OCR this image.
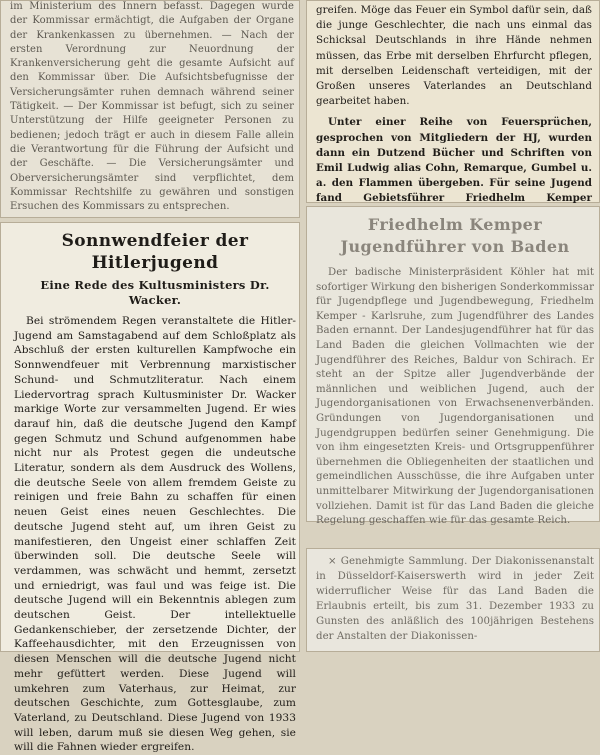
im Ministerium des Innern befasst. Dagegen wurde der Kommissar ermächtigt, die Aufgaben der Organe der Krankenkassen zu übernehmen. — Nach der ersten Verordnung zur Neuordnung der Krankenversicherung geht die gesamte Aufsicht auf den Kommissar über. Die Aufsichtsbefugnisse der Versicherungsämter ruhen demnach während seiner Tätigkeit. — Der Kommissar ist befugt, sich zu seiner Unterstützung der Hilfe geeigneter Personen zu bedienen; jedoch trägt er auch in diesem Falle allein die Verantwortung für die Führung der Aufsicht und der Geschäfte. — Die Versicherungsämter und Oberversicherungsämter sind verpflichtet, dem Kommissar Rechtshilfe zu gewähren und sonstigen Ersuchen des Kommissars zu entsprechen.

greifen. Möge das Feuer ein Symbol dafür sein, daß die junge Geschlechter, die nach uns einmal das Schicksal Deutschlands in ihre Hände nehmen müssen, das Erbe mit derselben Ehrfurcht pflegen, mit derselben Leidenschaft verteidigen, mit der Großen unseres Vaterlandes an Deutschland gearbeitet haben.

Unter einer Reihe von Feuersprüchen, gesprochen von Mitgliedern der HJ, wurden dann ein Dutzend Bücher und Schriften von Emil Ludwig alias Cohn, Remarque, Gumbel u. a. den Flammen übergeben. Für seine Jugend fand Gebietsführer Friedhelm Kemper

Sonnwendfeier der Hitlerjugend
Eine Rede des Kultusministers Dr. Wacker.

Bei strömendem Regen veranstaltete die Hitler-Jugend am Samstagabend auf dem Schloßplatz als Abschluß der ersten kulturellen Kampfwoche ein Sonnwendfeuer mit Verbrennung marxistischer Schund- und Schmutzliteratur. Nach einem Liedervortrag sprach Kultusminister Dr. Wacker markige Worte zur versammelten Jugend. Er wies darauf hin, daß die deutsche Jugend den Kampf gegen Schmutz und Schund aufgenommen habe nicht nur als Protest gegen die undeutsche Literatur, sondern als dem Ausdruck des Wollens, die deutsche Seele von allem fremdem Geiste zu reinigen und freie Bahn zu schaffen für einen neuen Geist eines neuen Geschlechtes. Die deutsche Jugend steht auf, um ihren Geist zu manifestieren, den Ungeist einer schlaffen Zeit überwinden soll. Die deutsche Seele will verdammen, was schwächt und hemmt, zersetzt und erniedrigt, was faul und was feige ist. Die deutsche Jugend will ein Bekenntnis ablegen zum deutschen Geist. Der intellektuelle Gedankenschieber, der zersetzende Dichter, der Kaffeehausdichter, mit den Erzeugnissen von diesen Menschen will die deutsche Jugend nicht mehr gefüttert werden. Diese Jugend will umkehren zum Vaterhaus, zur Heimat, zur deutschen Geschichte, zum Gottesglaube, zum Vaterland, zu Deutschland. Diese Jugend von 1933 will leben, darum muß sie diesen Weg gehen, sie will die Fahnen wieder ergreifen.

Friedhelm Kemper Jugendführer von Baden

Der badische Ministerpräsident Köhler hat mit sofortiger Wirkung den bisherigen Sonderkommissar für Jugendpflege und Jugendbewegung, Friedhelm Kemper - Karlsruhe, zum Jugendführer des Landes Baden ernannt. Der Landesjugendführer hat für das Land Baden die gleichen Vollmachten wie der Jugendführer des Reiches, Baldur von Schirach. Er steht an der Spitze aller Jugendverbände der männlichen und weiblichen Jugend, auch der Jugendorganisationen von Erwachsenenverbänden. Gründungen von Jugendorganisationen und Jugendgruppen bedürfen seiner Genehmigung. Die von ihm eingesetzten Kreis- und Ortsgruppenführer übernehmen die Obliegenheiten der staatlichen und gemeindlichen Ausschüsse, die ihre Aufgaben unter unmittelbarer Mitwirkung der Jugendorganisationen vollziehen. Damit ist für das Land Baden die gleiche Regelung geschaffen wie für das gesamte Reich.

× Genehmigte Sammlung. Der Diakonissenanstalt in Düsseldorf-Kaiserswerth wird in jeder Zeit widerruflicher Weise für das Land Baden die Erlaubnis erteilt, bis zum 31. Dezember 1933 zu Gunsten des anläßlich des 100jährigen Bestehens der Anstalten der Diakonissen-
